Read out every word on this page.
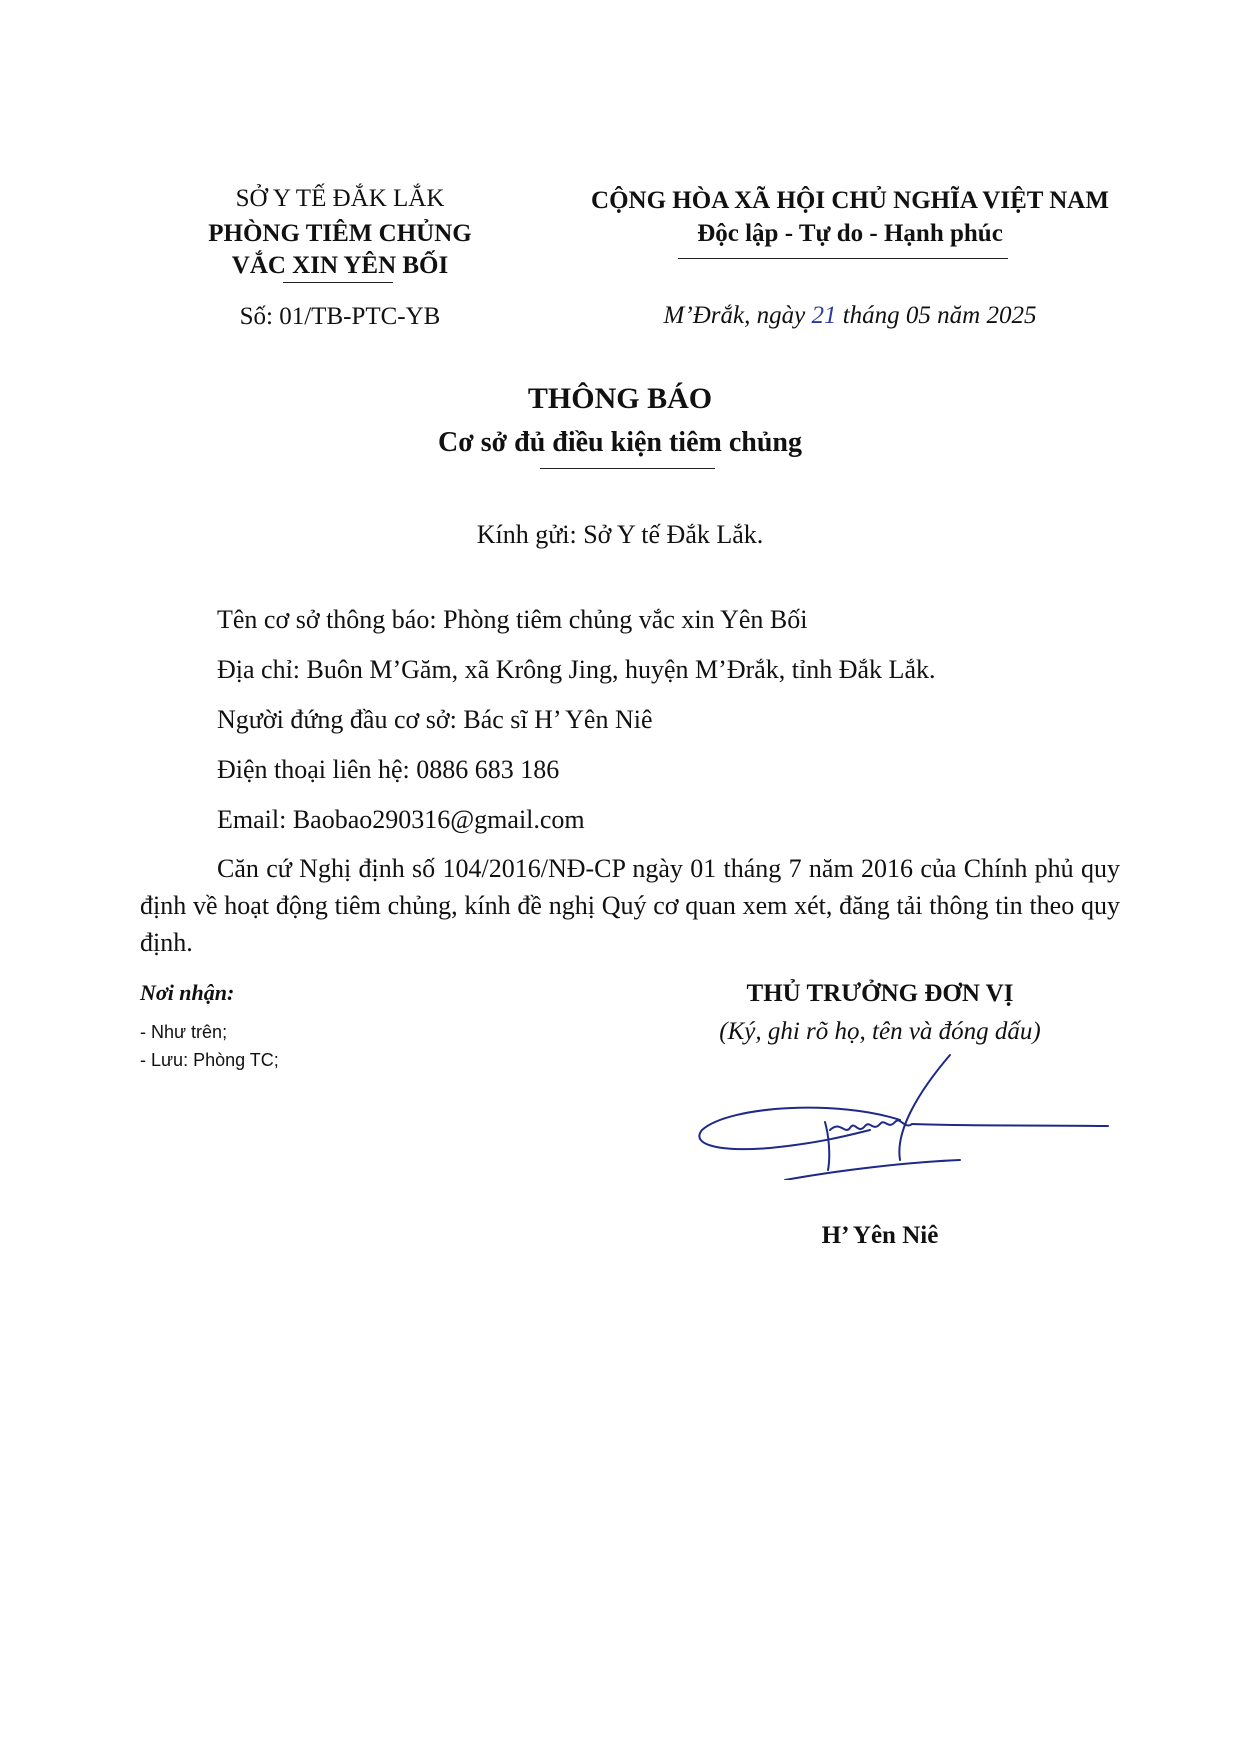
SỞ Y TẾ ĐẮK LẮK
PHÒNG TIÊM CHỦNG
VẮC XIN YÊN BỐI
Số: 01/TB-PTC-YB
CỘNG HÒA XÃ HỘI CHỦ NGHĨA VIỆT NAM
Độc lập - Tự do - Hạnh phúc
M’Đrắk, ngày 21 tháng 05 năm 2025
THÔNG BÁO
Cơ sở đủ điều kiện tiêm chủng
Kính gửi: Sở Y tế Đắk Lắk.
Tên cơ sở thông báo: Phòng tiêm chủng vắc xin Yên Bối
Địa chỉ: Buôn M’Găm, xã Krông Jing, huyện M’Đrắk, tỉnh Đắk Lắk.
Người đứng đầu cơ sở: Bác sĩ H’ Yên Niê
Điện thoại liên hệ: 0886 683 186
Email: Baobao290316@gmail.com
Căn cứ Nghị định số 104/2016/NĐ-CP ngày 01 tháng 7 năm 2016 của Chính phủ quy định về hoạt động tiêm chủng, kính đề nghị Quý cơ quan xem xét, đăng tải thông tin theo quy định.
Nơi nhận:
- Như trên;
- Lưu: Phòng TC;
THỦ TRƯỞNG ĐƠN VỊ
(Ký, ghi rõ họ, tên và đóng dấu)
H’ Yên Niê
